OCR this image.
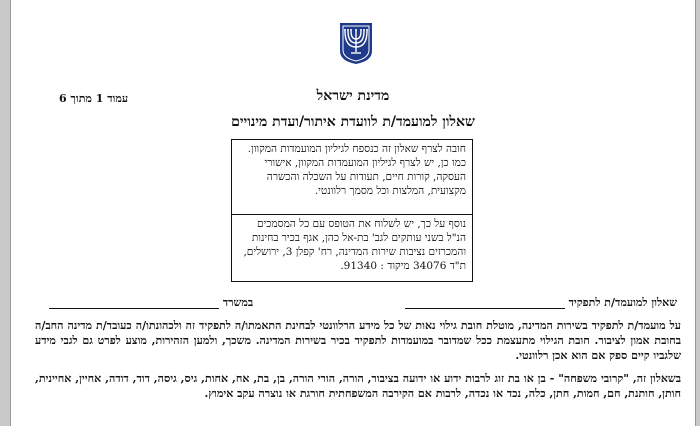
מדינת ישראל
עמוד 1 מתוך 6
שאלון למועמד/ת לוועדת איתור/ועדת מינויים
חובה לצרף שאלון זה כנספח לגיליון המועמדות המקוון. כמו כן, יש לצרף לגיליון המועמדות המקוון, אישורי העסקה, קורות חיים, תעודות על השכלה והכשרה מקצועית, המלצות וכל מסמך רלוונטי.
נוסף על כך, יש לשלוח את הטופס עם כל המסמכים הנ"ל בשני עותקים לגב' בת-אל כהן, אגף בכיר בחינות והמכרזים נציבות שירות המדינה, רח' קפלן 3, ירושלים, ת"ד 34076 מיקוד : 91340.
שאלון למועמד/ת לתפקיד
במשרד
על מועמד/ת לתפקיד בשירות המדינה, מוטלת חובת גילוי נאות של כל מידע הרלוונטי לבחינת התאמתו/ה לתפקיד זה ולכהונתו/ה כעובד/ת מדינה החב/ה בחובת אמון לציבור. חובת הגילוי מתעצמת ככל שמדובר במועמדות לתפקיד בכיר בשירות המדינה. משכך, ולמען הזהירות, מוצע לפרט גם לגבי מידע שלגביו קיים ספק אם הוא אכן רלוונטי.
בשאלון זה, "קרובי משפחה" - בן או בת זוג לרבות ידוע או ידועה בציבור, הורה, הורי הורה, בן, בת, אח, אחות, גיס, גיסה, דוד, דודה, אחיין, אחיינית, חותן, חותנת, חם, חמות, חתן, כלה, נכד או נכדה, לרבות אם הקירבה המשפחתית חורגת או נוצרה עקב אימוץ.
